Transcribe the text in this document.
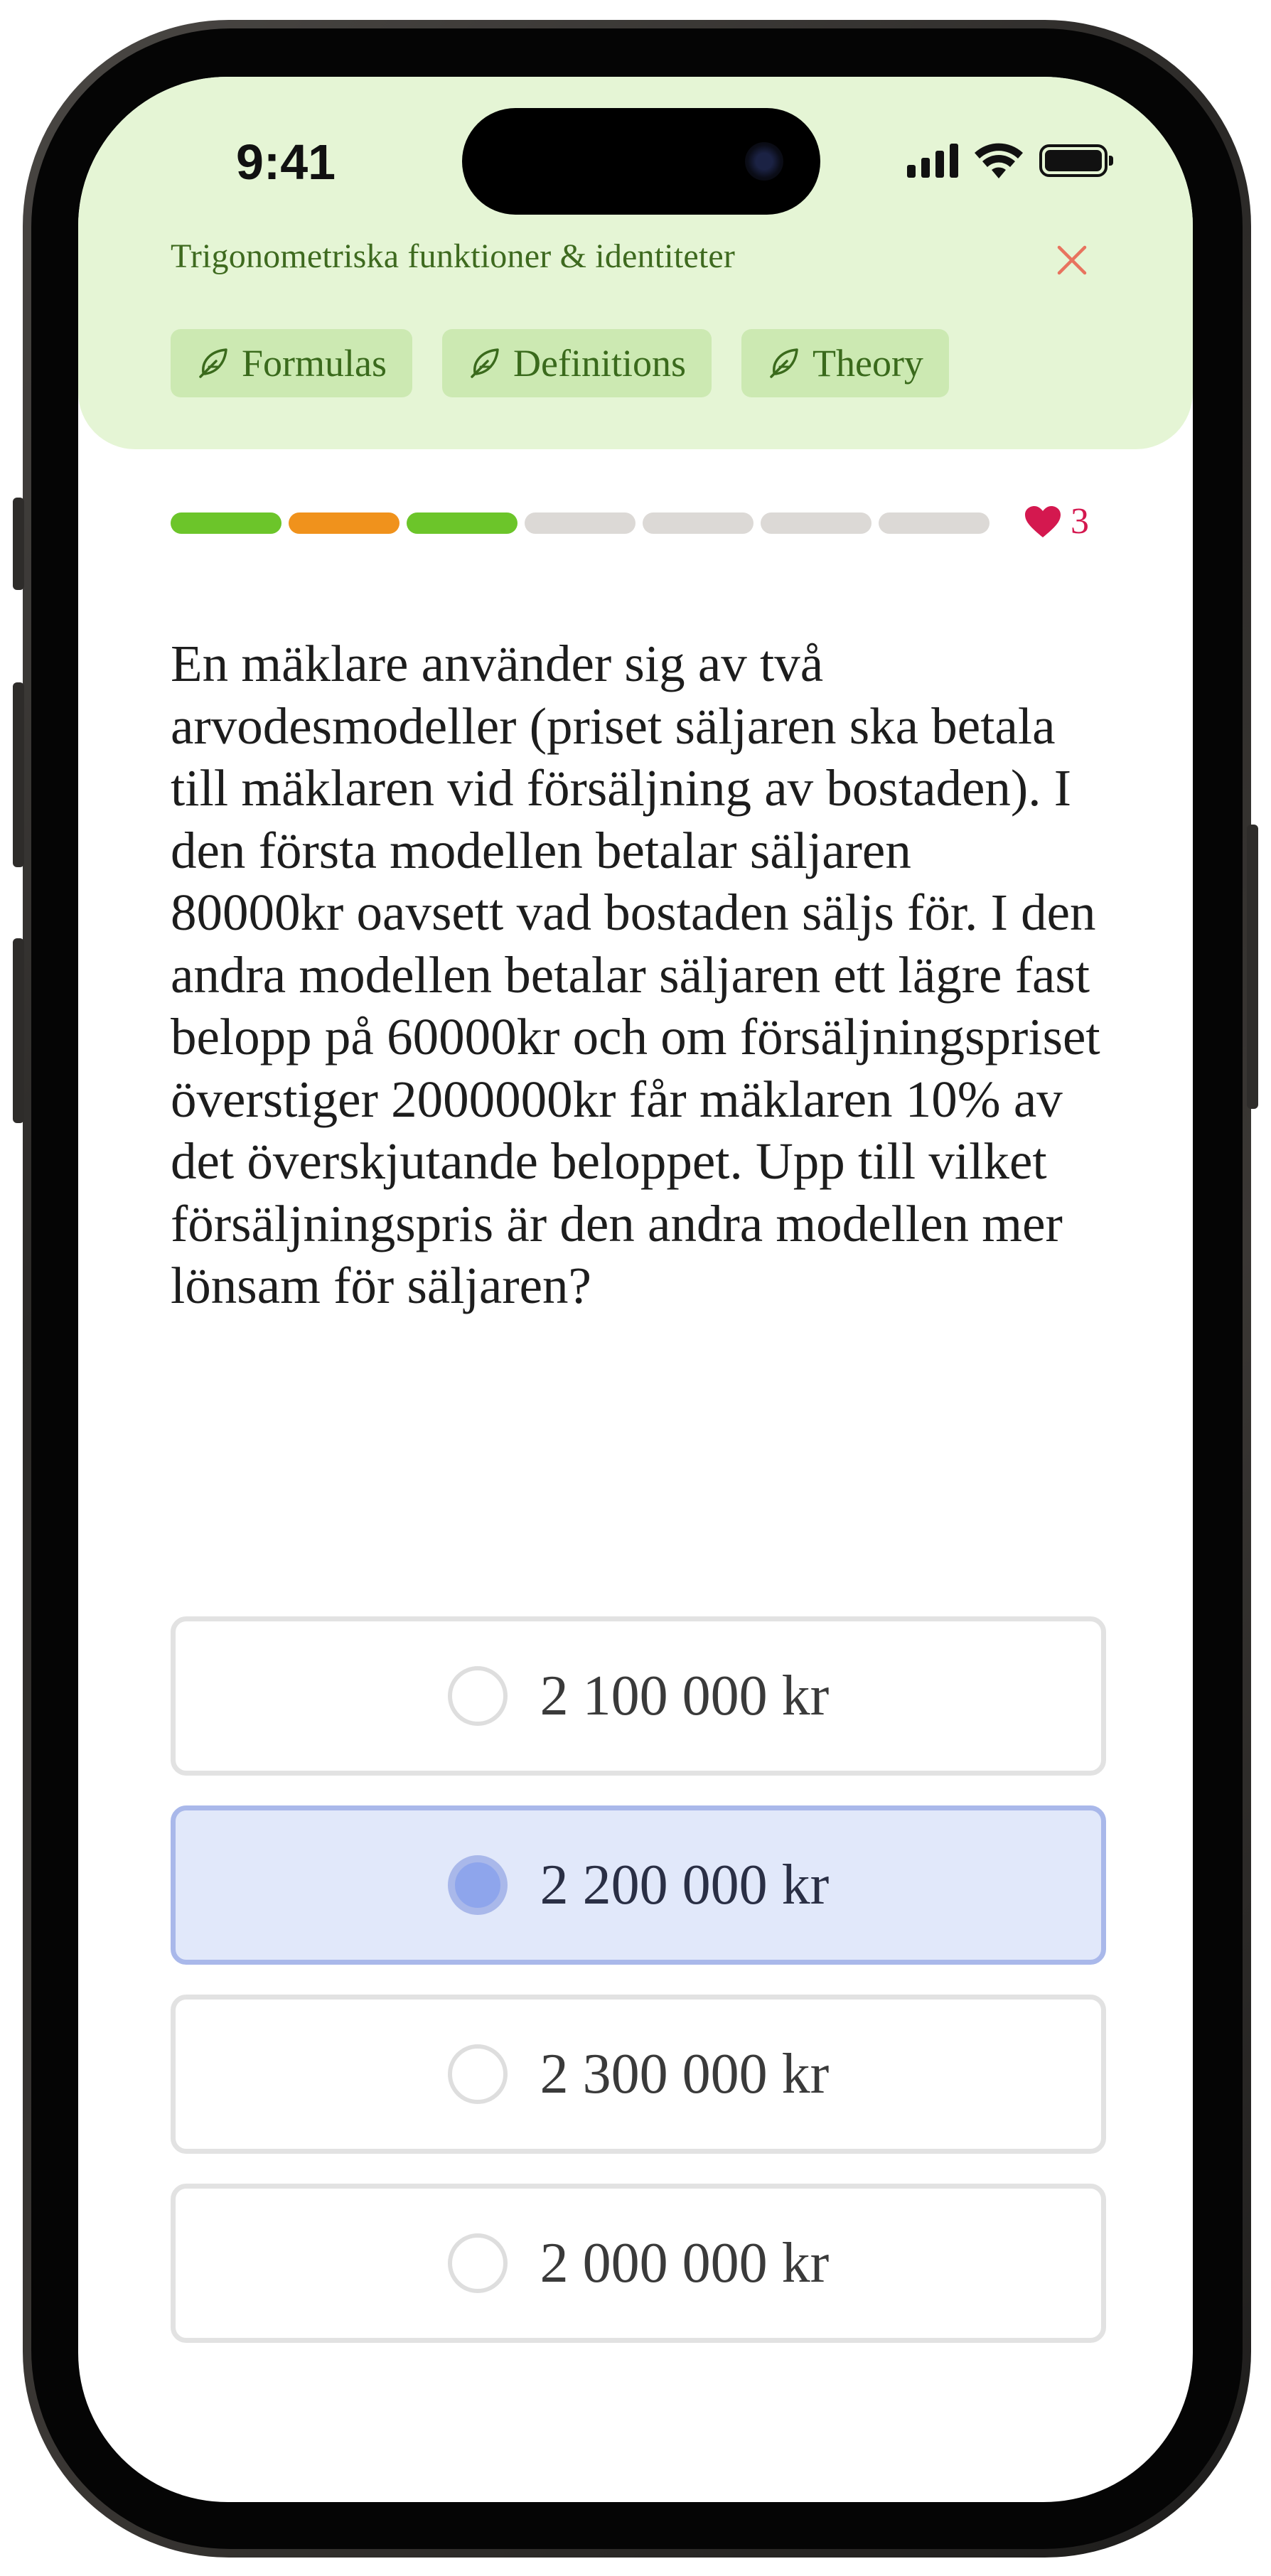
9:41
Trigonometriska funktioner & identiteter
Formulas	Definitions	Theory
3
En mäklare använder sig av två arvodesmodeller (priset säljaren ska betala till mäklaren vid försäljning av bostaden). I den första modellen betalar säljaren
80000kr oavsett vad bostaden säljs för. I den andra modellen betalar säljaren ett lägre fast belopp på 60000kr och om försäljningspriset överstiger 2000000kr får mäklaren 10% av det överskjutande beloppet. Upp till vilket försäljningspris är den andra modellen mer lönsam för säljaren?
2 100 000 kr
2 200 000 kr
2 300 000 kr
2 000 000 kr
